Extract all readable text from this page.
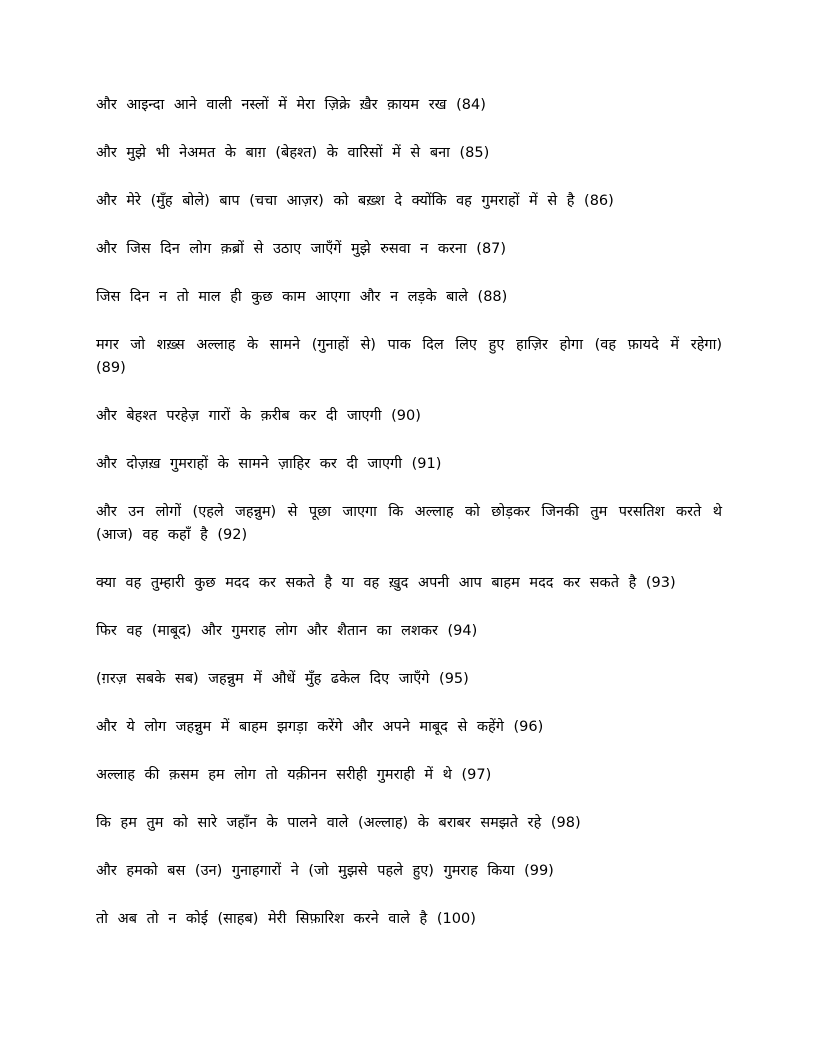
और आइन्दा आने वाली नस्लों में मेरा ज़िक्रे ख़ैर क़ायम रख (84)

और मुझे भी नेअमत के बाग़ (बेहश्त) के वारिसों में से बना (85)

और मेरे (मुँह बोले) बाप (चचा आज़र) को बख़्श दे क्योंकि वह गुमराहों में से है (86)

और जिस दिन लोग क़ब्रों से उठाए जाएँगें मुझे रुसवा न करना (87)

जिस दिन न तो माल ही कुछ काम आएगा और न लड़के बाले (88)

मगर जो शख़्स अल्लाह के सामने (गुनाहों से) पाक दिल लिए हुए हाज़िर होगा (वह फ़ायदे में रहेगा) (89)

और बेहश्त परहेज़ गारों के क़रीब कर दी जाएगी (90)

और दोज़ख़ गुमराहों के सामने ज़ाहिर कर दी जाएगी (91)

और उन लोगों (एहले जहन्नुम) से पूछा जाएगा कि अल्लाह को छोड़कर जिनकी तुम परसतिश करते थे (आज) वह कहाँ है (92)

क्या वह तुम्हारी कुछ मदद कर सकते है या वह ख़ुद अपनी आप बाहम मदद कर सकते है (93)

फिर वह (माबूद) और गुमराह लोग और शैतान का लशकर (94)

(ग़रज़ सबके सब) जहन्नुम में औधें मुँह ढकेल दिए जाएँगे (95)

और ये लोग जहन्नुम में बाहम झगड़ा करेंगे और अपने माबूद से कहेंगे (96)

अल्लाह की क़सम हम लोग तो यक़ीनन सरीही गुमराही में थे (97)

कि हम तुम को सारे जहाँन के पालने वाले (अल्लाह) के बराबर समझते रहे (98)

और हमको बस (उन) गुनाहगारों ने (जो मुझसे पहले हुए) गुमराह किया (99)

तो अब तो न कोई (साहब) मेरी सिफ़ारिश करने वाले है (100)
